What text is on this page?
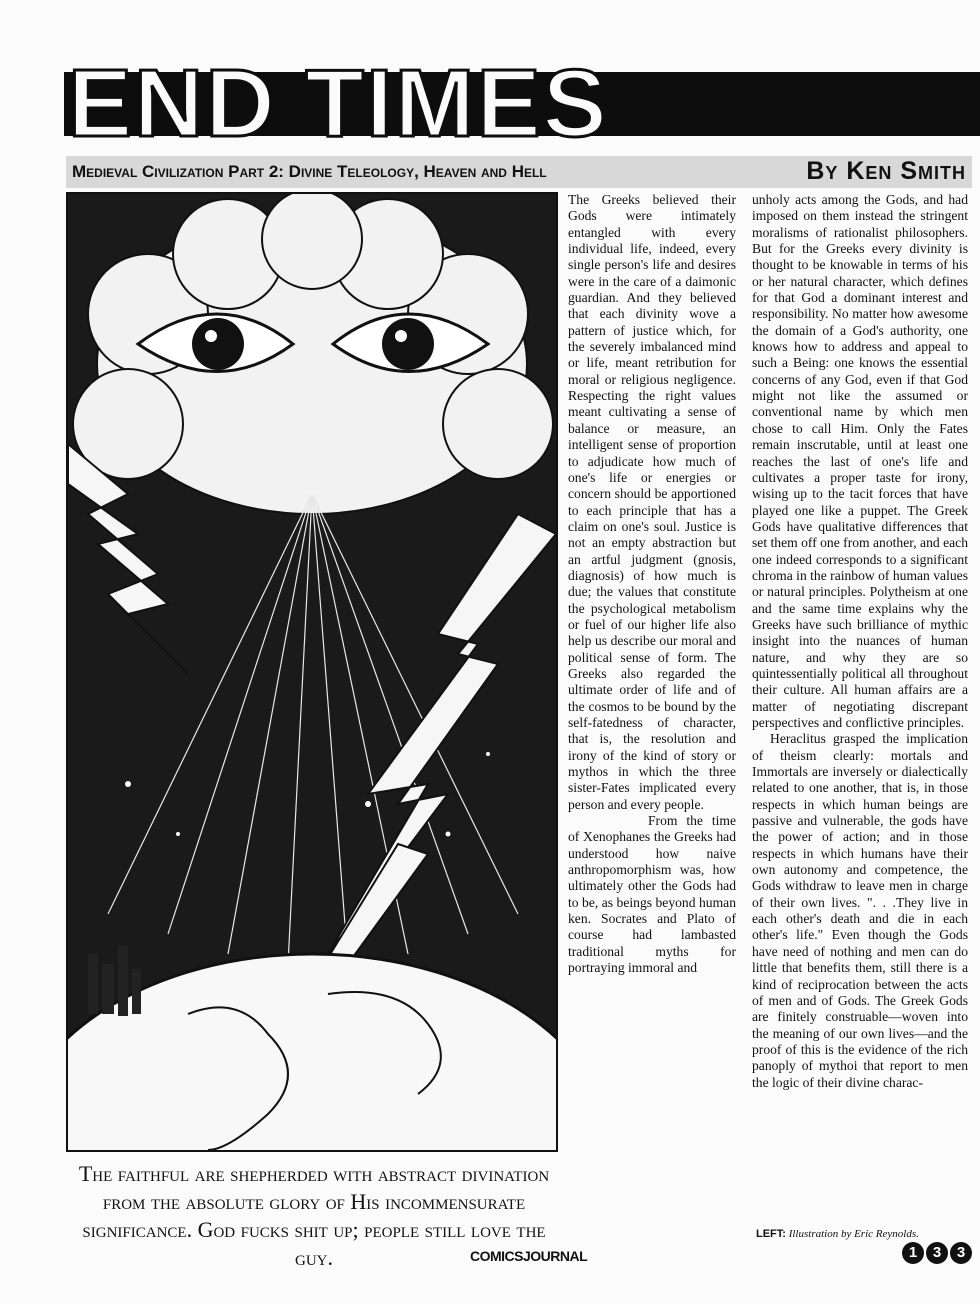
END TIMES
Medieval Civilization Part 2: Divine Teleology, Heaven and Hell	By Ken Smith
The faithful are shepherded with abstract divination from the absolute glory of His incommensurate significance. God fucks shit up; people still love the guy.

The Greeks believed their Gods were intimately entangled with every individual life, indeed, every single person's life and desires were in the care of a daimonic guardian. And they believed that each divinity wove a pattern of justice which, for the severely imbalanced mind or life, meant retribution for moral or religious negligence. Respecting the right values meant cultivating a sense of balance or measure, an intelligent sense of proportion to adjudicate how much of one's life or energies or concern should be apportioned to each principle that has a claim on one's soul. Justice is not an empty abstraction but an artful judgment (gnosis, diagnosis) of how much is due; the values that constitute the psychological metabolism or fuel of our higher life also help us describe our moral and political sense of form. The Greeks also regarded the ultimate order of life and of the cosmos to be bound by the self-fatedness of character, that is, the resolution and irony of the kind of story or mythos in which the three sister-Fates implicated every person and every people.

From the time of Xenophanes the Greeks had understood how naive anthropomorphism was, how ultimately other the Gods had to be, as beings beyond human ken. Socrates and Plato of course had lambasted traditional myths for portraying immoral and

unholy acts among the Gods, and had imposed on them instead the stringent moralisms of rationalist philosophers. But for the Greeks every divinity is thought to be knowable in terms of his or her natural character, which defines for that God a dominant interest and responsibility. No matter how awesome the domain of a God's authority, one knows how to address and appeal to such a Being: one knows the essential concerns of any God, even if that God might not like the assumed or conventional name by which men chose to call Him. Only the Fates remain inscrutable, until at least one reaches the last of one's life and cultivates a proper taste for irony, wising up to the tacit forces that have played one like a puppet. The Greek Gods have qualitative differences that set them off one from another, and each one indeed corresponds to a significant chroma in the rainbow of human values or natural principles. Polytheism at one and the same time explains why the Greeks have such brilliance of mythic insight into the nuances of human nature, and why they are so quintessentially political all throughout their culture. All human affairs are a matter of negotiating discrepant perspectives and conflictive principles.

Heraclitus grasped the implication of theism clearly: mortals and Immortals are inversely or dialectically related to one another, that is, in those respects in which human beings are passive and vulnerable, the gods have the power of action; and in those respects in which humans have their own autonomy and competence, the Gods withdraw to leave men in charge of their own lives. ". . .They live in each other's death and die in each other's life." Even though the Gods have need of nothing and men can do little that benefits them, still there is a kind of reciprocation between the acts of men and of Gods. The Greek Gods are finitely construable—woven into the meaning of our own lives—and the proof of this is the evidence of the rich panoply of mythoi that report to men the logic of their divine charac-

LEFT: Illustration by Eric Reynolds.
COMICSJOURNAL	1	3	3
